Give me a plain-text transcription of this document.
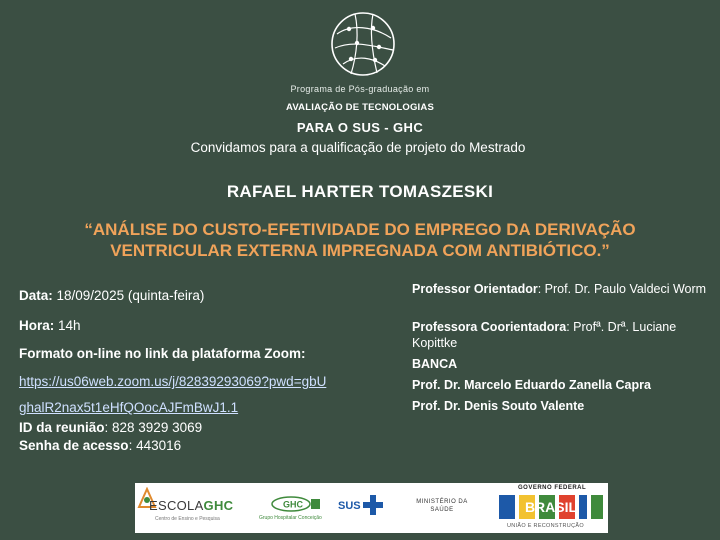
Programa de Pós-graduação em
AVALIAÇÃO DE TECNOLOGIAS
PARA O SUS - GHC
Convidamos para a qualificação de projeto do Mestrado
RAFAEL HARTER TOMASZESKI
“ANÁLISE DO CUSTO-EFETIVIDADE DO EMPREGO DA DERIVAÇÃO
VENTRICULAR EXTERNA IMPREGNADA COM ANTIBIÓTICO.”
Data: 18/09/2025 (quinta-feira)
Hora: 14h
Formato on-line no link da plataforma Zoom:
https://us06web.zoom.us/j/82839293069?pwd=gbU
ghalR2nax5t1eHfQOocAJFmBwJ1.1
ID da reunião: 828 3929 3069
Senha de acesso: 443016
Professor Orientador: Prof. Dr. Paulo Valdeci Worm
Professora Coorientadora: Profª. Drª. Luciane Kopittke
BANCA
Prof. Dr. Marcelo Eduardo Zanella Capra
Prof. Dr. Denis Souto Valente
ESCOLAGHC
Centro de Ensino e Pesquisa
GHC
Grupo Hospitalar Conceição
SUS	MINISTÉRIO DA
SAÚDE
GOVERNO FEDERAL
BRASIL
UNIÃO E RECONSTRUÇÃO
